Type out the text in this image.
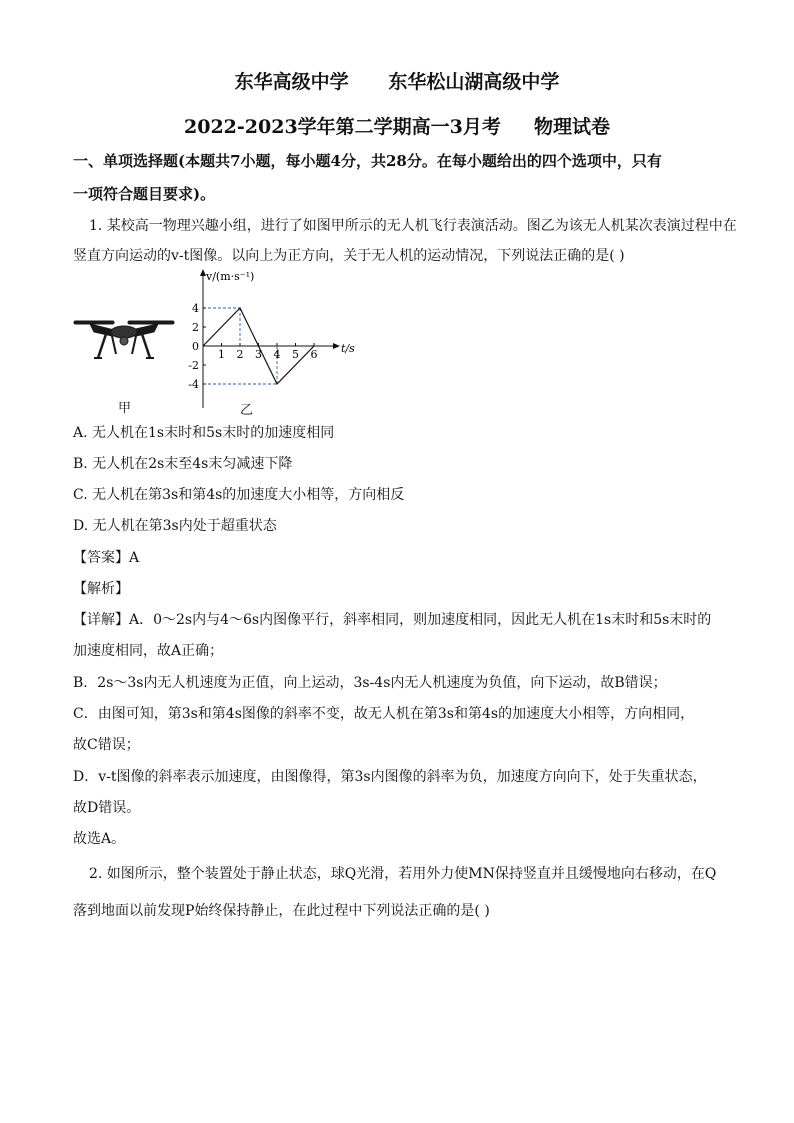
东华高级中学      东华松山湖高级中学
2022-2023学年第二学期高一3月考     物理试卷
一、单项选择题(本题共7小题，每小题4分，共28分。在每小题给出的四个选项中，只有
一项符合题目要求)。
1. 某校高一物理兴趣小组，进行了如图甲所示的无人机飞行表演活动。图乙为该无人机某次表演过程中在
竖直方向运动的v-t图像。以向上为正方向，关于无人机的运动情况，下列说法正确的是( )
v/(m·s⁻¹)
t/s
1 2 3 4 5 6
4
2
0
-2
-4
甲	乙
A. 无人机在1s末时和5s末时的加速度相同
B. 无人机在2s末至4s末匀减速下降
C. 无人机在第3s和第4s的加速度大小相等，方向相反
D. 无人机在第3s内处于超重状态
【答案】A
【解析】
【详解】A．0～2s内与4～6s内图像平行，斜率相同，则加速度相同，因此无人机在1s末时和5s末时的
加速度相同，故A正确；
B．2s～3s内无人机速度为正值，向上运动，3s-4s内无人机速度为负值，向下运动，故B错误；
C．由图可知，第3s和第4s图像的斜率不变，故无人机在第3s和第4s的加速度大小相等，方向相同，
故C错误；
D．v-t图像的斜率表示加速度，由图像得，第3s内图像的斜率为负，加速度方向向下，处于失重状态，
故D错误。
故选A。
2. 如图所示，整个装置处于静止状态，球Q光滑，若用外力使MN保持竖直并且缓慢地向右移动，在Q
落到地面以前发现P始终保持静止，在此过程中下列说法正确的是( )
